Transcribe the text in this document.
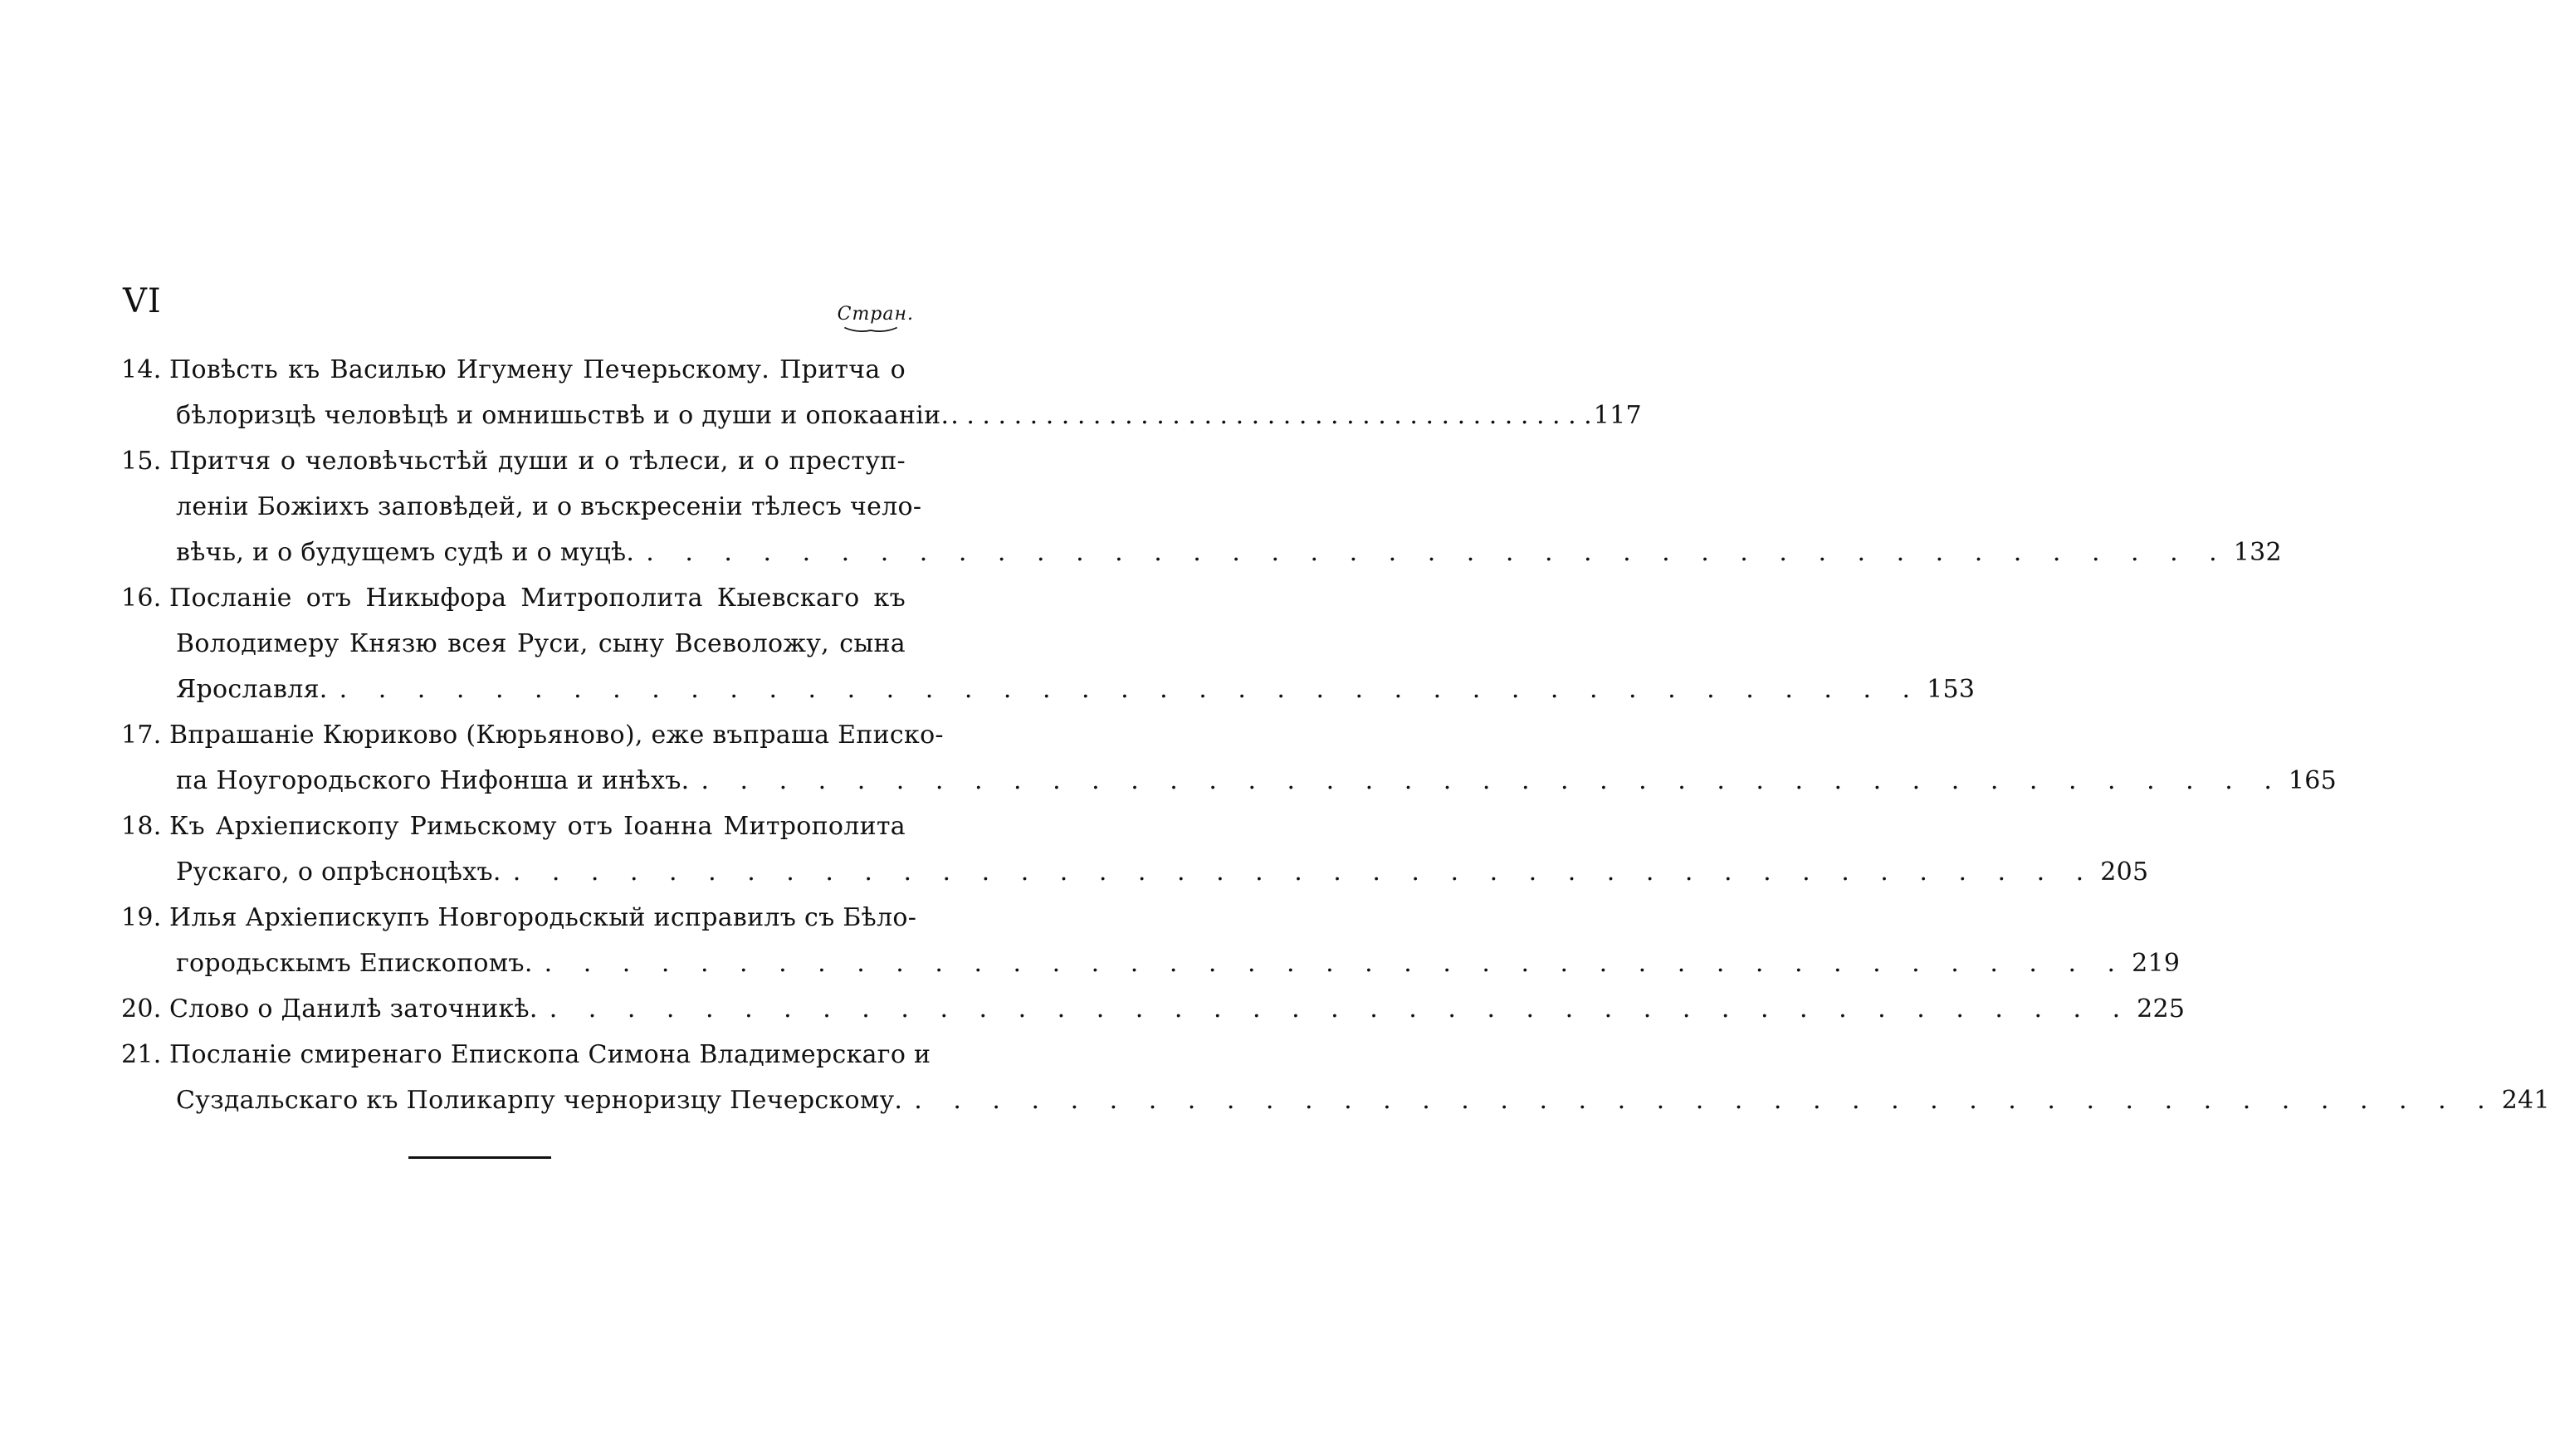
VI	Стран.
14. Повѣсть къ Василью Игумену Печерьскому. Притча о
бѣлоризцѣ человѣцѣ и омнишьствѣ и о души и опокааніи. . . .	117
15. Притчя о человѣчьстѣй души и о тѣлеси, и о преступ-
леніи Божіихъ заповѣдей, и о въскресеніи тѣлесъ чело-
вѣчь, и о будущемъ судѣ и о муцѣ. . . .	132
16. Посланіе отъ Никыфора Митрополита Кыевскаго къ
Володимеру Князю всея Руси, сыну Всеволожу, сына
Ярославля. . . .	153
17. Впрашаніе Кюриково (Кюрьяново), еже въпраша Еписко-
па Ноугородьского Нифонша и инѣхъ. . . .	165
18. Къ Архіепископу Римьскому отъ Іоанна Митрополита
Рускаго, о опрѣсноцѣхъ. . . .	205
19. Илья Архіепискупъ Новгородьскый исправилъ съ Бѣло-
городьскымъ Епископомъ. . . .	219
20. Слово о Данилѣ заточникѣ. . . .	225
21. Посланіе смиренаго Епископа Симона Владимерскаго и
Суздальскаго къ Поликарпу черноризцу Печерскому. . . .	241
